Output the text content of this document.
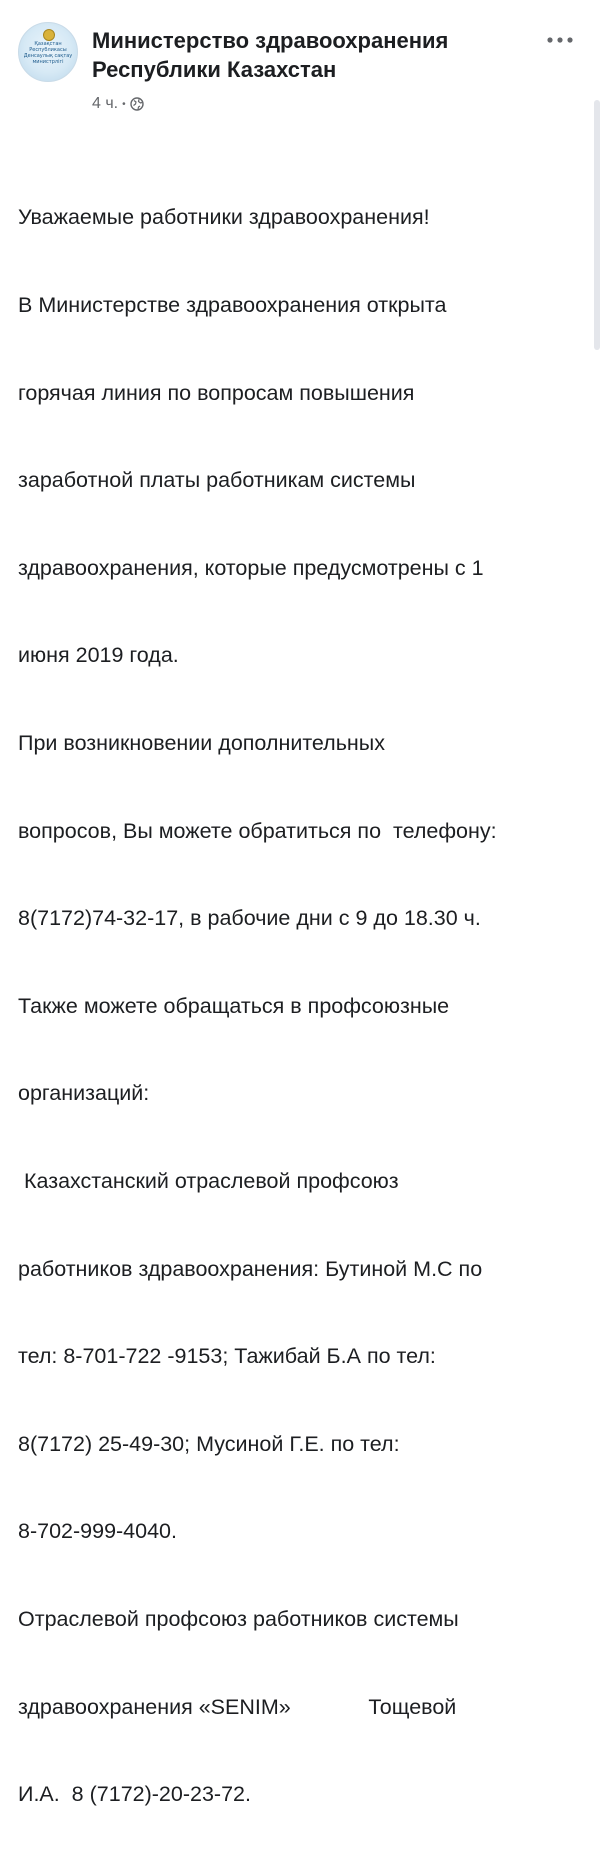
Қазақстан
Республикасы
Денсаулық сақтау
министрлігі
Министерство здравоохранения Республики Казахстан
4 ч. •

Уважаемые работники здравоохранения!

В Министерстве здравоохранения открыта

горячая линия по вопросам повышения

заработной платы работникам системы

здравоохранения, которые предусмотрены с 1

июня 2019 года.

При возникновении дополнительных

вопросов, Вы можете обратиться по  телефону:

8(7172)74-32-17, в рабочие дни с 9 до 18.30 ч.

Также можете обращаться в профсоюзные

организаций:

Казахстанский отраслевой профсоюз

работников здравоохранения: Бутиной М.С по

тел: 8-701-722 -9153; Тажибай Б.А по тел:

8(7172) 25-49-30; Мусиной Г.Е. по тел:

8-702-999-4040.

Отраслевой профсоюз работников системы

здравоохранения «SENIM»             Тощевой

И.А.  8 (7172)-20-23-72.
